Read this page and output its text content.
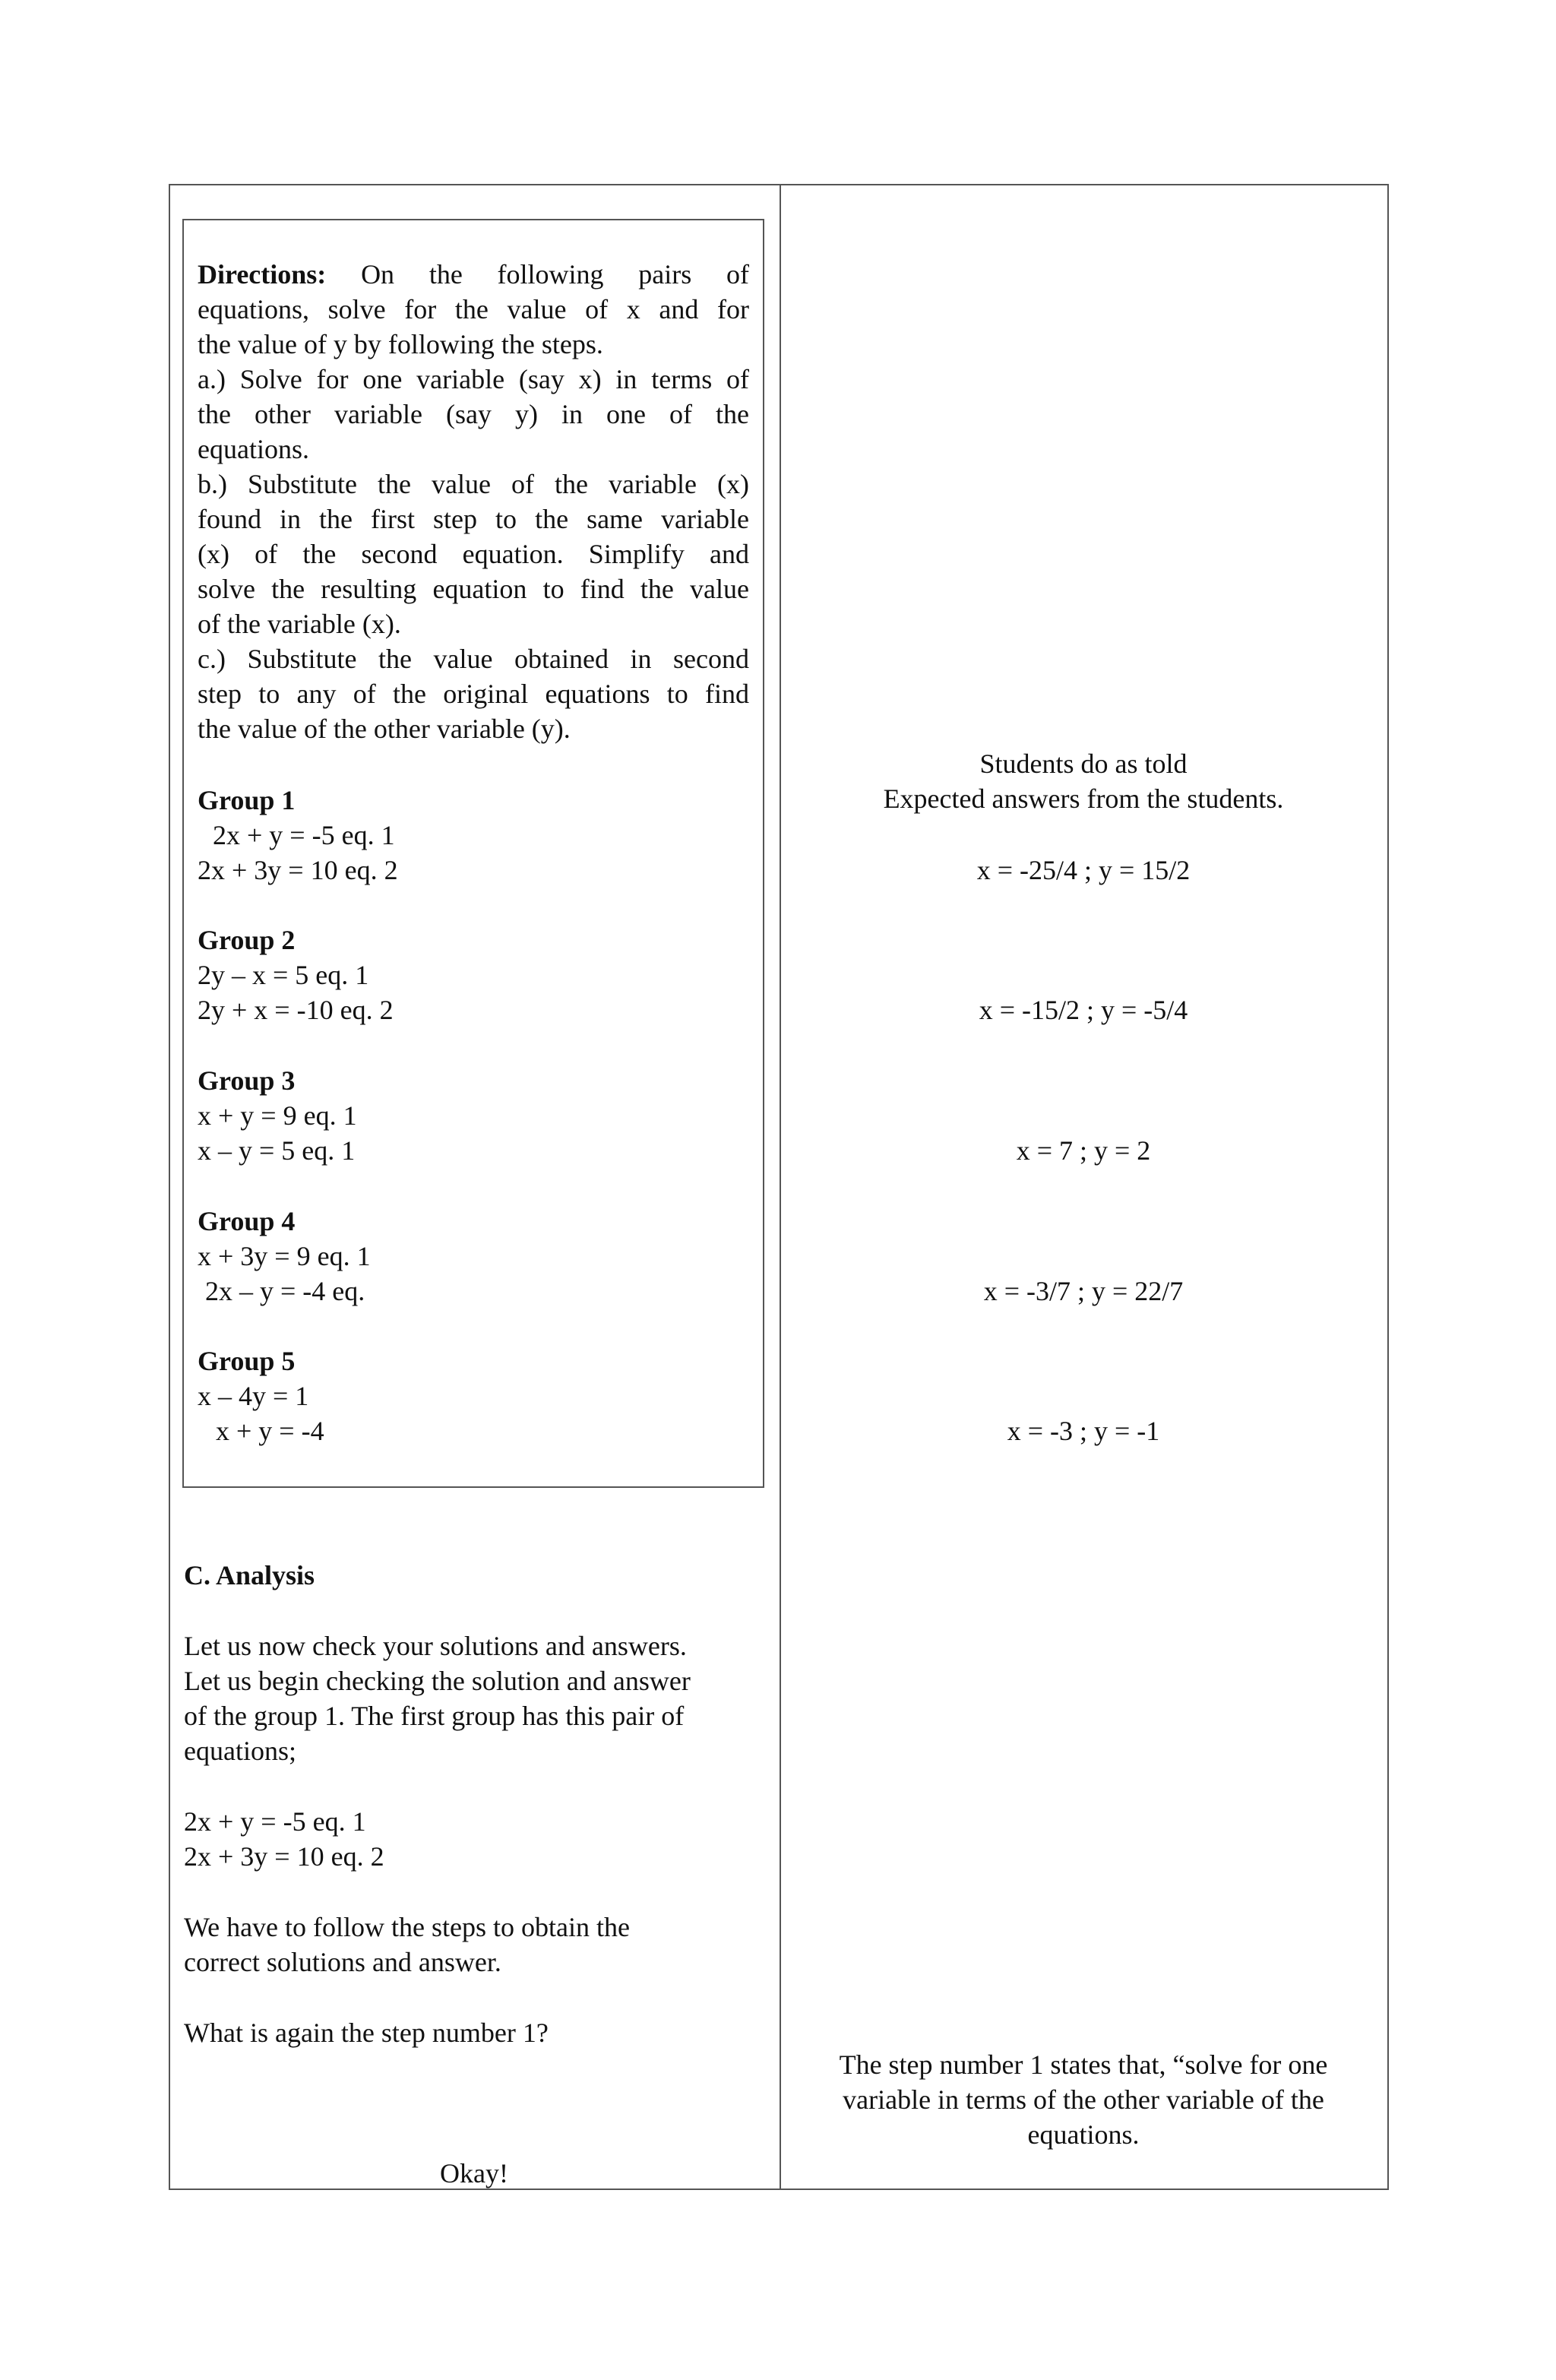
Directions: On the following pairs of
equations, solve for the value of x and for
the value of y by following the steps.
a.) Solve for one variable (say x) in terms of
the other variable (say y) in one of the
equations.
b.) Substitute the value of the variable (x)
found in the first step to the same variable
(x) of the second equation. Simplify and
solve the resulting equation to find the value
of the variable (x).
c.) Substitute the value obtained in second
step to any of the original equations to find
the value of the other variable (y).
Group 1
2x + y = -5 eq. 1
2x + 3y = 10 eq. 2
Group 2
2y – x = 5 eq. 1
2y + x = -10 eq. 2
Group 3
x + y = 9 eq. 1
x – y = 5 eq. 1
Group 4
x + 3y = 9 eq. 1
2x – y = -4 eq.
Group 5
x – 4y = 1
x + y = -4
Students do as told
Expected answers from the students.
x = -25/4 ; y = 15/2
x = -15/2 ; y = -5/4
x = 7 ; y = 2
x = -3/7 ; y = 22/7
x = -3 ; y = -1
C. Analysis
Let us now check your solutions and answers.
Let us begin checking the solution and answer
of the group 1. The first group has this pair of
equations;
2x + y = -5 eq. 1
2x + 3y = 10 eq. 2
We have to follow the steps to obtain the
correct solutions and answer.
What is again the step number 1?
Okay!
The step number 1 states that, “solve for one
variable in terms of the other variable of the
equations.
